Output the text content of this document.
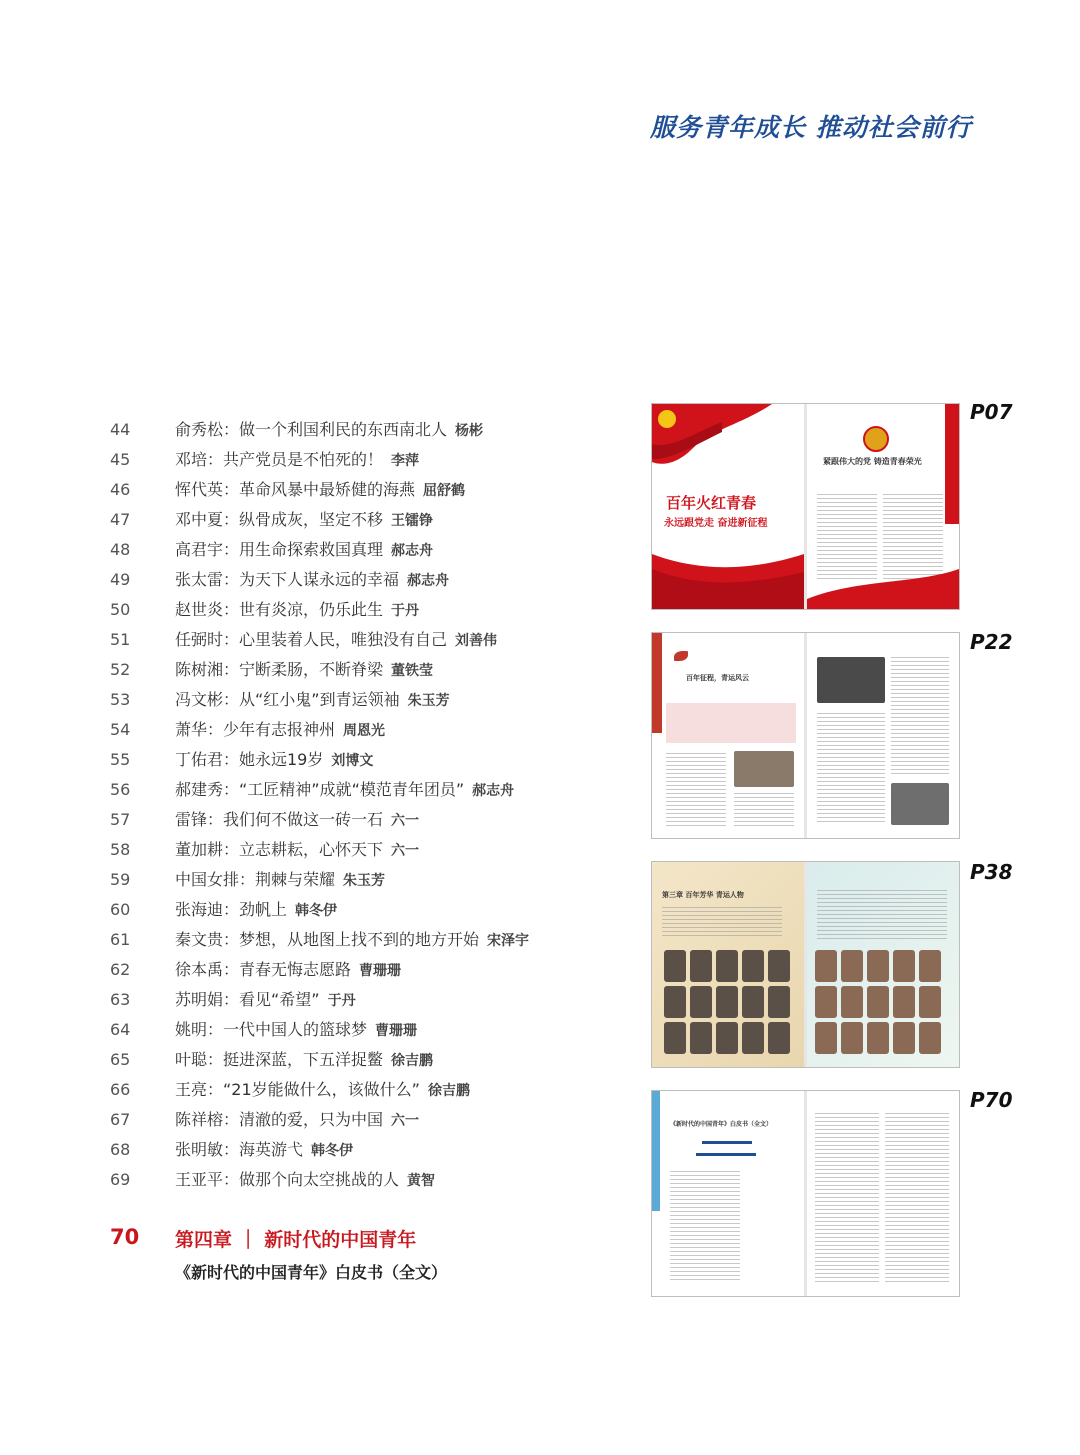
服务青年成长 推动社会前行
44	俞秀松：做一个利国利民的东西南北人 杨彬
45	邓培：共产党员是不怕死的！ 李萍
46	恽代英：革命风暴中最矫健的海燕 屈舒鹤
47	邓中夏：纵骨成灰，坚定不移 王镭铮
48	高君宇：用生命探索救国真理 郝志舟
49	张太雷：为天下人谋永远的幸福 郝志舟
50	赵世炎：世有炎凉，仍乐此生 于丹
51	任弼时：心里装着人民，唯独没有自己 刘善伟
52	陈树湘：宁断柔肠，不断脊梁 董铁莹
53	冯文彬：从“红小鬼”到青运领袖 朱玉芳
54	萧华：少年有志报神州 周恩光
55	丁佑君：她永远19岁 刘博文
56	郝建秀：“工匠精神”成就“模范青年团员” 郝志舟
57	雷锋：我们何不做这一砖一石 六一
58	董加耕：立志耕耘，心怀天下 六一
59	中国女排：荆棘与荣耀 朱玉芳
60	张海迪：劲帆上 韩冬伊
61	秦文贵：梦想，从地图上找不到的地方开始 宋泽宇
62	徐本禹：青春无悔志愿路 曹珊珊
63	苏明娟：看见“希望” 于丹
64	姚明：一代中国人的篮球梦 曹珊珊
65	叶聪：挺进深蓝，下五洋捉鳖 徐吉鹏
66	王亮：“21岁能做什么，该做什么” 徐吉鹏
67	陈祥榕：清澈的爱，只为中国 六一
68	张明敏：海英游弋 韩冬伊
69	王亚平：做那个向太空挑战的人 黄智
70 第四章 ｜ 新时代的中国青年
《新时代的中国青年》白皮书（全文）
P07
百年火红青春
永远跟党走 奋进新征程
紧跟伟大的党 铸造青春荣光
P22
百年征程，青运风云
P38
第三章 百年芳华 青运人物
P70
《新时代的中国青年》白皮书（全文）
